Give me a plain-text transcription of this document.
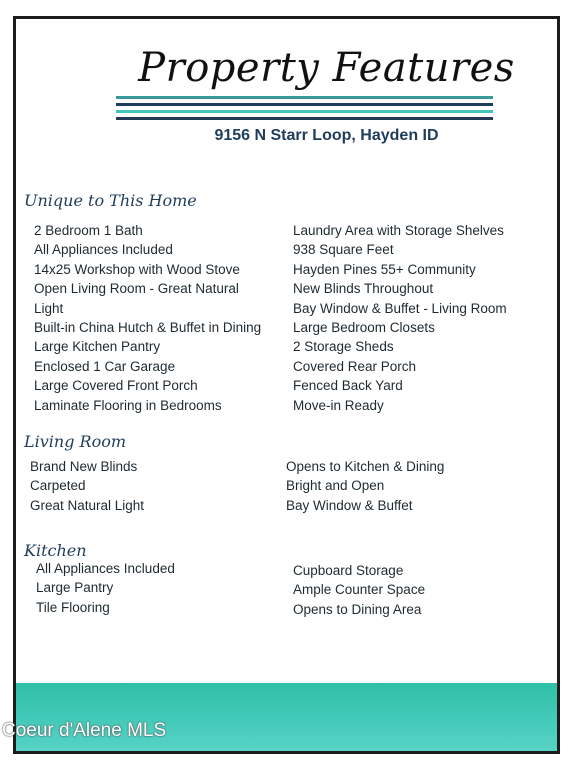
Property Features
9156 N Starr Loop, Hayden ID
Unique to This Home
2 Bedroom 1 Bath
All Appliances Included
14x25 Workshop with Wood Stove
Open Living Room - Great Natural
Light
Built-in China Hutch & Buffet in Dining
Large Kitchen Pantry
Enclosed 1 Car Garage
Large Covered Front Porch
Laminate Flooring in Bedrooms
Laundry Area with Storage Shelves
938 Square Feet
Hayden Pines 55+ Community
New Blinds Throughout
Bay Window & Buffet - Living Room
Large Bedroom Closets
2 Storage Sheds
Covered Rear Porch
Fenced Back Yard
Move-in Ready
Living Room
Brand New Blinds
Carpeted
Great Natural Light
Opens to Kitchen & Dining
Bright and Open
Bay Window & Buffet
Kitchen
All Appliances Included
Large Pantry
Tile Flooring
Cupboard Storage
Ample Counter Space
Opens to Dining Area
Coeur d'Alene MLS
